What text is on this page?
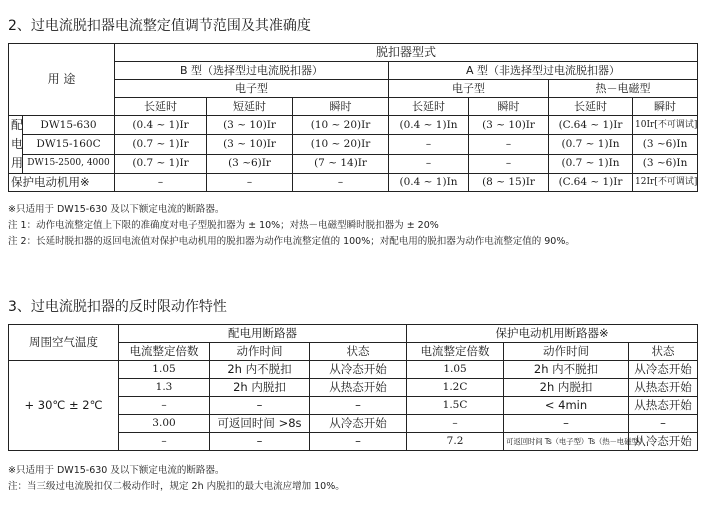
2、过电流脱扣器电流整定值调节范围及其准确度
用 途		脱扣器型式						
		B 型（选择型过电流脱扣器）			A 型（非选择型过电流脱扣器）			
		电子型			电子型		热－电磁型	
		长延时	短延时	瞬时	长延时	瞬时	长延时	瞬时

配
电
用	DW15-630	(0.4 ~ 1)Ir	(3 ~ 10)Ir	(10 ~ 20)Ir	(0.4 ~ 1)In	(3 ~ 10)Ir	(C.64 ~ 1)Ir	10Ir[不可调试]
	DW15-160C	(0.7 ~ 1)Ir	(3 ~ 10)Ir	(10 ~ 20)Ir	–	–	(0.7 ~ 1)In	(3 ~6)In
	DW15-2500, 4000	(0.7 ~ 1)Ir	(3 ~6)Ir	(7 ~ 14)Ir	–	–	(0.7 ~ 1)In	(3 ~6)In
保护电动机用※		–	–	–	(0.4 ~ 1)In	(8 ~ 15)Ir	(C.64 ~ 1)Ir	12Ir[不可调试]
※只适用于 DW15-630 及以下额定电流的断路器。
注 1：动作电流整定值上下限的准确度对电子型脱扣器为 ± 10%；对热－电磁型瞬时脱扣器为 ± 20%
注 2：长延时脱扣器的返回电流值对保护电动机用的脱扣器为动作电流整定值的 100%；对配电用的脱扣器为动作电流整定值的 90%。
3、过电流脱扣器的反时限动作特性
周围空气温度	配电用断路器			保护电动机用断路器※		
	电流整定倍数	动作时间	状态	电流整定倍数	动作时间	状态
+ 30℃ ± 2℃	1.05	2h 内不脱扣	从冷态开始	1.05	2h 内不脱扣	从冷态开始
	1.3	2h 内脱扣	从热态开始	1.2C	2h 内脱扣	从热态开始
	–	–	–	1.5C	< 4min	从热态开始
	3.00	可返回时间 >8s	从冷态开始	–	–	–
	–	–	–	7.2	可返回时间 Ts（电子型）Ts（热－电磁型）	从冷态开始
※只适用于 DW15-630 及以下额定电流的断路器。
注：当三级过电流脱扣仅二极动作时，规定 2h 内脱扣的最大电流应增加 10%。
